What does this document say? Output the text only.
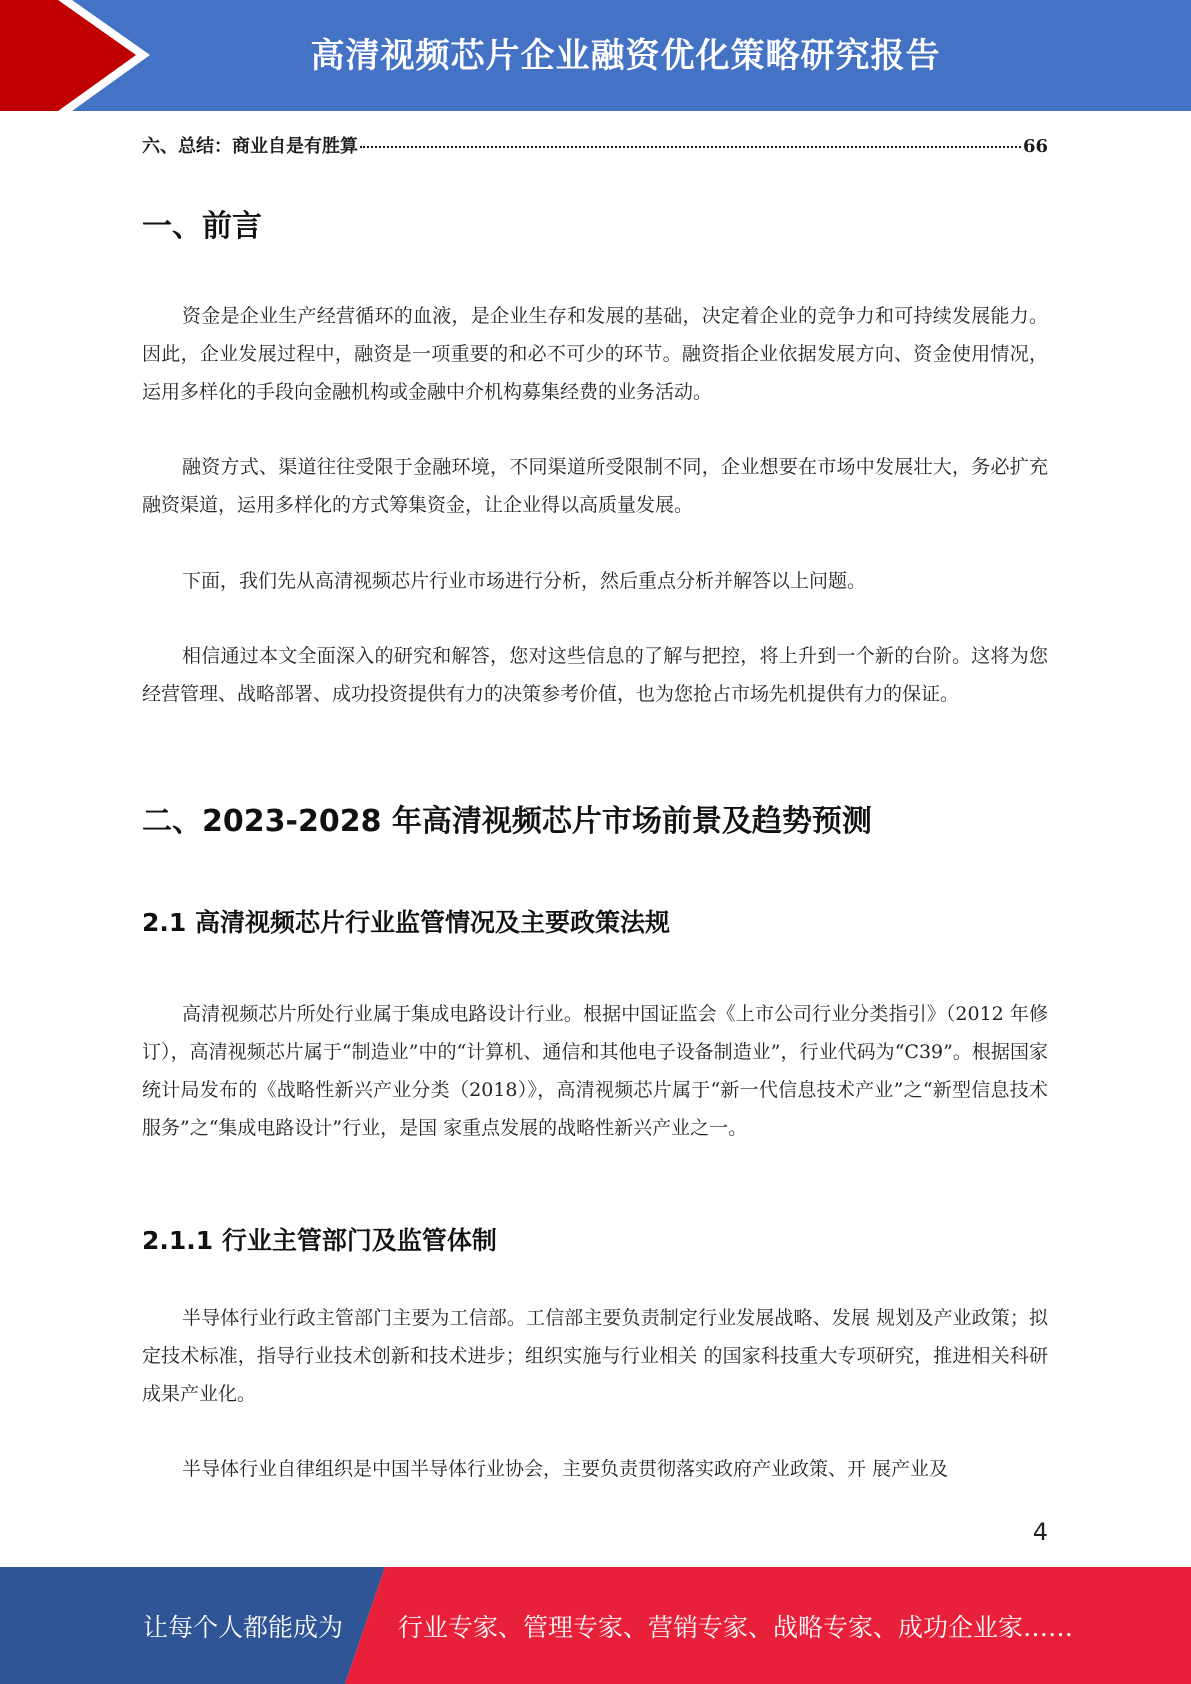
高清视频芯片企业融资优化策略研究报告
六、总结：商业自是有胜算	66
一、前言

资金是企业生产经营循环的血液，是企业生存和发展的基础，决定着企业的竞争力和可持续发展能力。因此，企业发展过程中，融资是一项重要的和必不可少的环节。融资指企业依据发展方向、资金使用情况，运用多样化的手段向金融机构或金融中介机构募集经费的业务活动。

融资方式、渠道往往受限于金融环境，不同渠道所受限制不同，企业想要在市场中发展壮大，务必扩充融资渠道，运用多样化的方式筹集资金，让企业得以高质量发展。

下面，我们先从高清视频芯片行业市场进行分析，然后重点分析并解答以上问题。

相信通过本文全面深入的研究和解答，您对这些信息的了解与把控，将上升到一个新的台阶。这将为您经营管理、战略部署、成功投资提供有力的决策参考价值，也为您抢占市场先机提供有力的保证。

二、2023-2028 年高清视频芯片市场前景及趋势预测
2.1 高清视频芯片行业监管情况及主要政策法规

高清视频芯片所处行业属于集成电路设计行业。根据中国证监会《上市公司行业分类指引》（2012 年修订），高清视频芯片属于“制造业”中的“计算机、通信和其他电子设备制造业”，行业代码为“C39”。根据国家统计局发布的《战略性新兴产业分类（2018）》，高清视频芯片属于“新一代信息技术产业”之“新型信息技术服务”之“集成电路设计”行业，是国 家重点发展的战略性新兴产业之一。

2.1.1 行业主管部门及监管体制

半导体行业行政主管部门主要为工信部。工信部主要负责制定行业发展战略、发展 规划及产业政策；拟定技术标准，指导行业技术创新和技术进步；组织实施与行业相关 的国家科技重大专项研究，推进相关科研成果产业化。

半导体行业自律组织是中国半导体行业协会，主要负责贯彻落实政府产业政策、开 展产业及

4
让每个人都能成为 行业专家、管理专家、营销专家、战略专家、成功企业家……
